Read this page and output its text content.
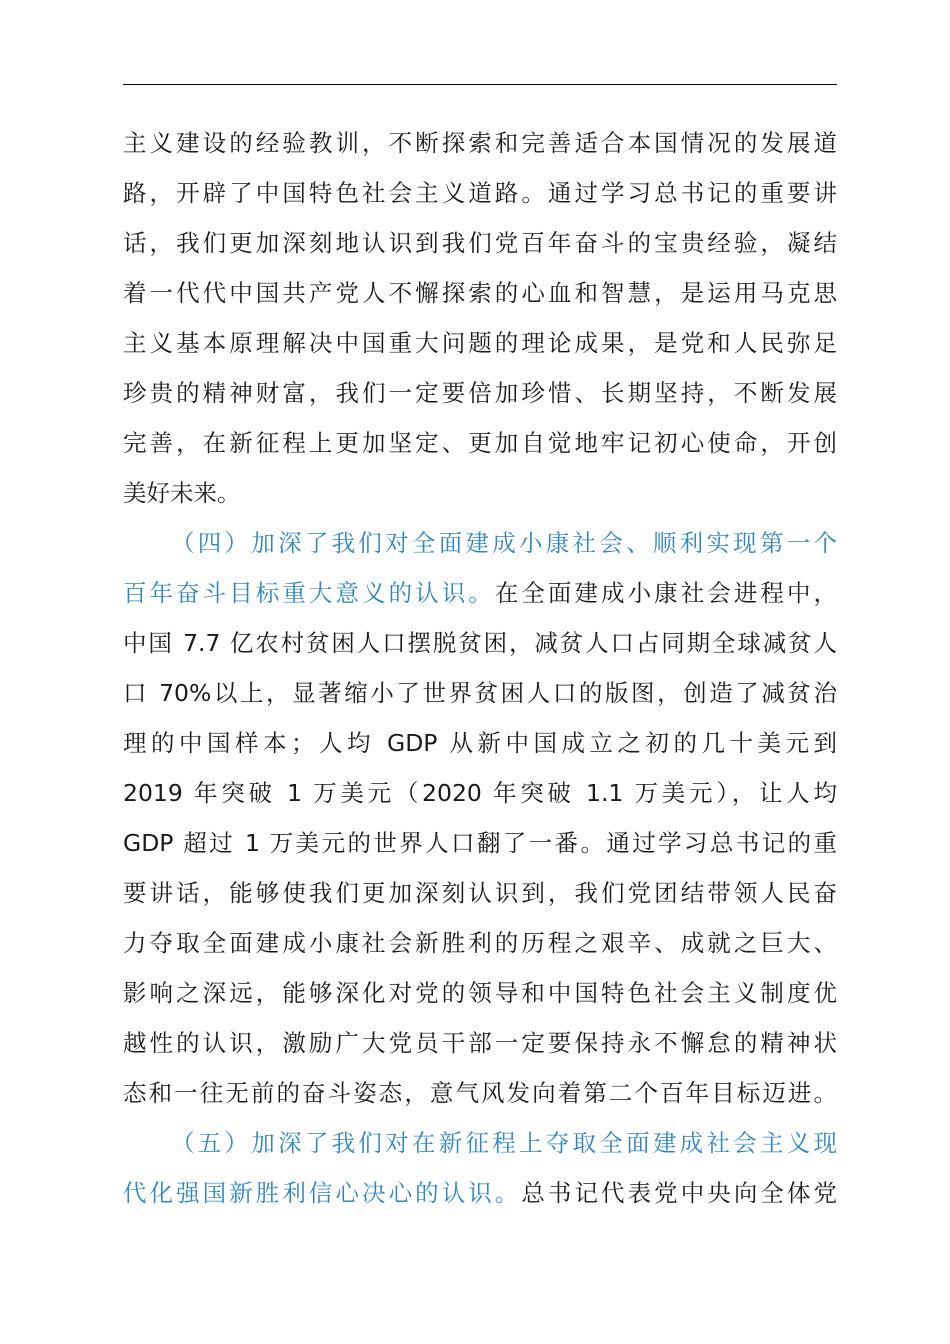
主义建设的经验教训，不断探索和完善适合本国情况的发展道
路，开辟了中国特色社会主义道路。通过学习总书记的重要讲
话，我们更加深刻地认识到我们党百年奋斗的宝贵经验，凝结
着一代代中国共产党人不懈探索的心血和智慧，是运用马克思
主义基本原理解决中国重大问题的理论成果，是党和人民弥足
珍贵的精神财富，我们一定要倍加珍惜、长期坚持，不断发展
完善，在新征程上更加坚定、更加自觉地牢记初心使命，开创
美好未来。
（四）加深了我们对全面建成小康社会、顺利实现第一个
百年奋斗目标重大意义的认识。在全面建成小康社会进程中，
中国 7.7 亿农村贫困人口摆脱贫困，减贫人口占同期全球减贫人
口 70%以上，显著缩小了世界贫困人口的版图，创造了减贫治
理的中国样本；人均 GDP 从新中国成立之初的几十美元到
2019 年突破 1 万美元（2020 年突破 1.1 万美元），让人均
GDP 超过 1 万美元的世界人口翻了一番。通过学习总书记的重
要讲话，能够使我们更加深刻认识到，我们党团结带领人民奋
力夺取全面建成小康社会新胜利的历程之艰辛、成就之巨大、
影响之深远，能够深化对党的领导和中国特色社会主义制度优
越性的认识，激励广大党员干部一定要保持永不懈怠的精神状
态和一往无前的奋斗姿态，意气风发向着第二个百年目标迈进。
（五）加深了我们对在新征程上夺取全面建成社会主义现
代化强国新胜利信心决心的认识。总书记代表党中央向全体党
